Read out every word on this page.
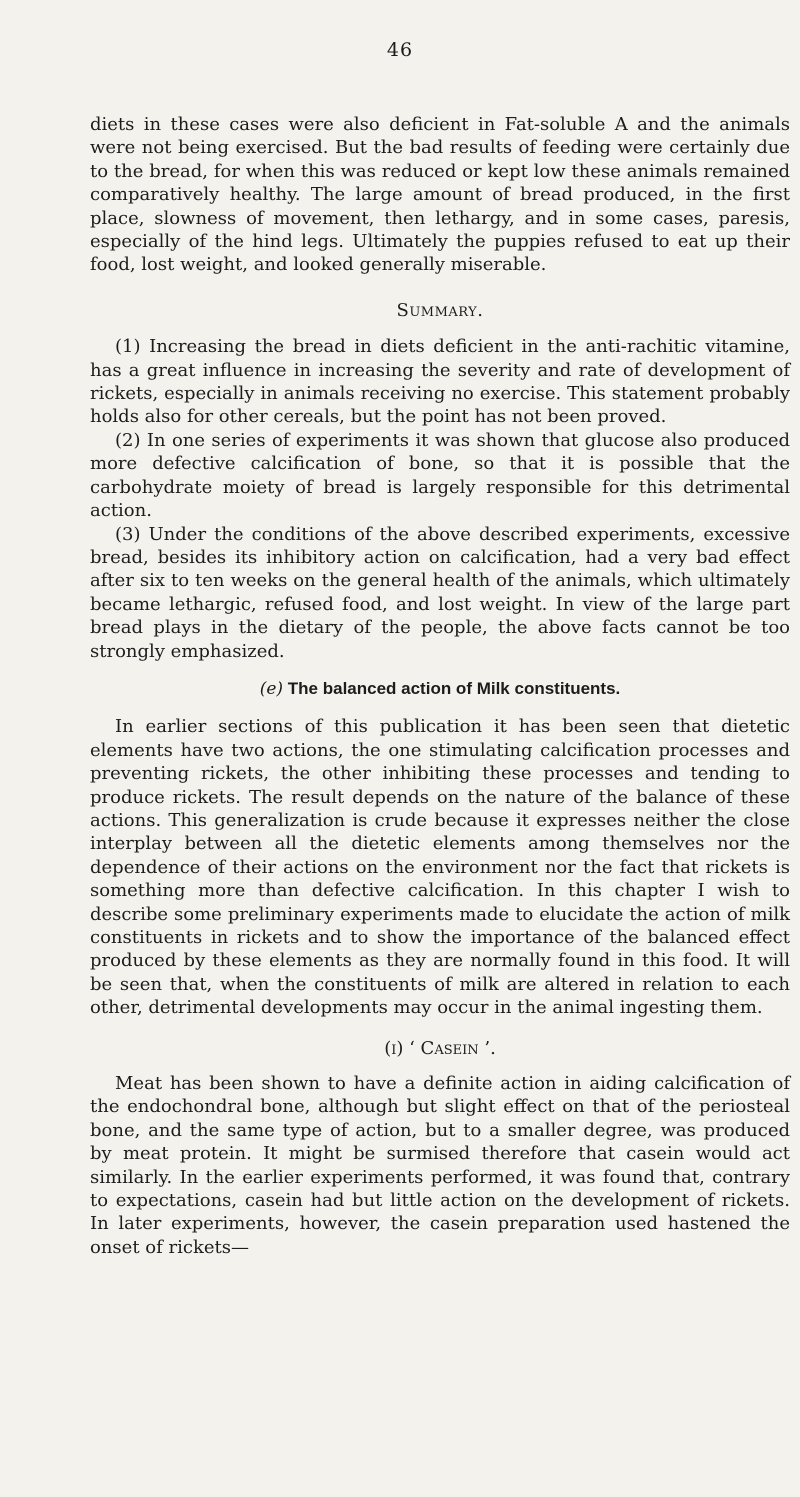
46

diets in these cases were also deficient in Fat-soluble A and the animals were not being exercised. But the bad results of feeding were certainly due to the bread, for when this was reduced or kept low these animals remained comparatively healthy. The large amount of bread produced, in the first place, slowness of movement, then lethargy, and in some cases, paresis, especially of the hind legs. Ultimately the puppies refused to eat up their food, lost weight, and looked generally miserable.

Summary.

(1) Increasing the bread in diets deficient in the anti-rachitic vitamine, has a great influence in increasing the severity and rate of development of rickets, especially in animals receiving no exercise. This statement probably holds also for other cereals, but the point has not been proved.

(2) In one series of experiments it was shown that glucose also produced more defective calcification of bone, so that it is possible that the carbohydrate moiety of bread is largely responsible for this detrimental action.

(3) Under the conditions of the above described experiments, excessive bread, besides its inhibitory action on calcification, had a very bad effect after six to ten weeks on the general health of the animals, which ultimately became lethargic, refused food, and lost weight. In view of the large part bread plays in the dietary of the people, the above facts cannot be too strongly emphasized.

(e) The balanced action of Milk constituents.

In earlier sections of this publication it has been seen that dietetic elements have two actions, the one stimulating calcification processes and preventing rickets, the other inhibiting these processes and tending to produce rickets. The result depends on the nature of the balance of these actions. This generalization is crude because it expresses neither the close interplay between all the dietetic elements among themselves nor the dependence of their actions on the environment nor the fact that rickets is something more than defective calcification. In this chapter I wish to describe some preliminary experiments made to elucidate the action of milk constituents in rickets and to show the importance of the balanced effect produced by these elements as they are normally found in this food. It will be seen that, when the constituents of milk are altered in relation to each other, detrimental developments may occur in the animal ingesting them.

(i) ‘ Casein ’.

Meat has been shown to have a definite action in aiding calcification of the endochondral bone, although but slight effect on that of the periosteal bone, and the same type of action, but to a smaller degree, was produced by meat protein. It might be surmised therefore that casein would act similarly. In the earlier experiments performed, it was found that, contrary to expectations, casein had but little action on the development of rickets. In later experiments, however, the casein preparation used hastened the onset of rickets—
